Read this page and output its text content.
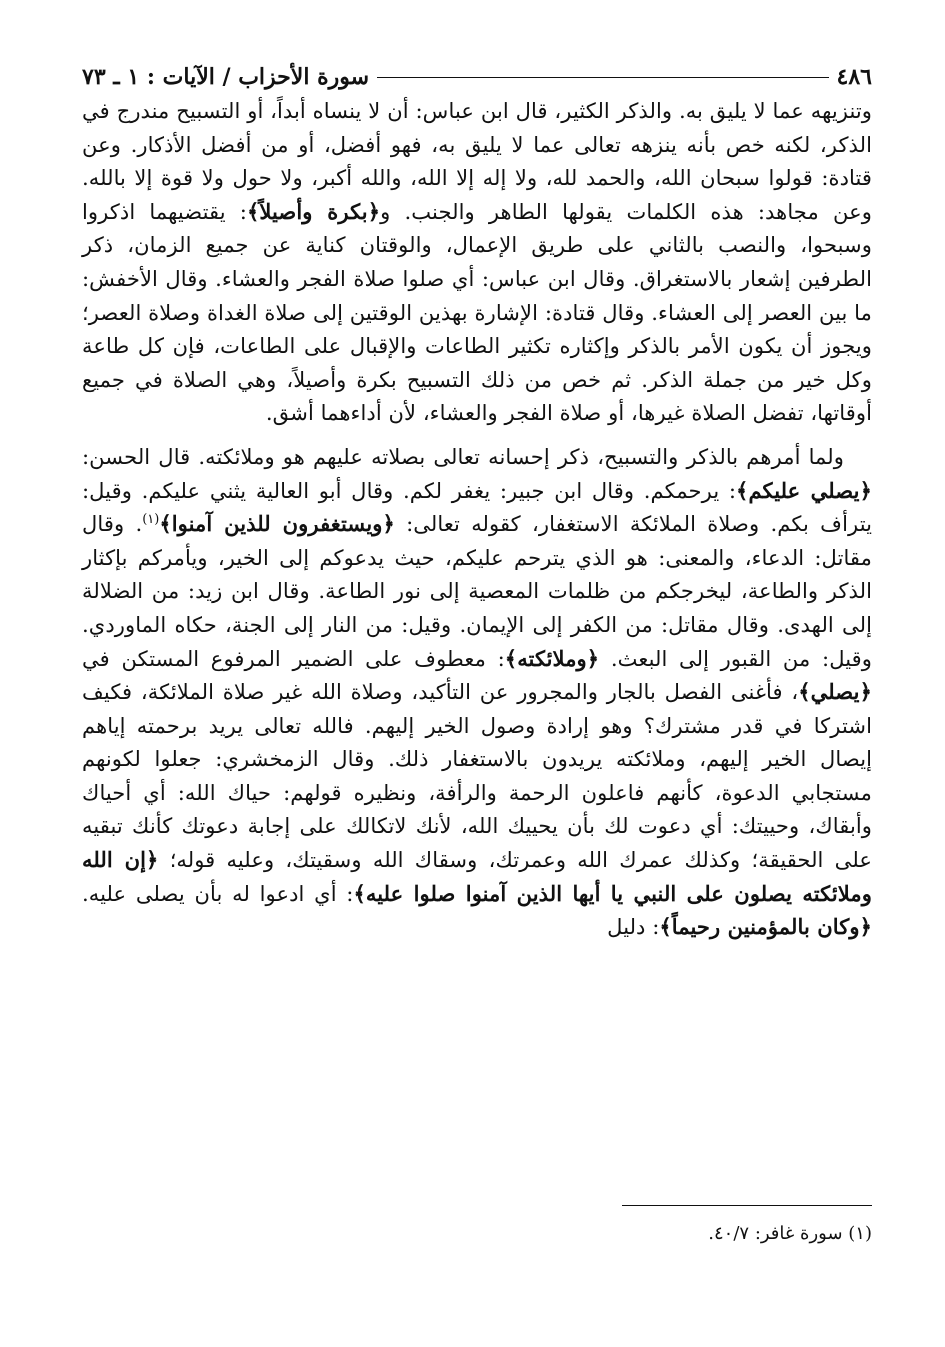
٤٨٦
سورة الأحزاب / الآيات : ١ ـ ٧٣

وتنزيهه عما لا يليق به. والذكر الكثير، قال ابن عباس: أن لا ينساه أبداً، أو التسبيح مندرج في الذكر، لكنه خص بأنه ينزهه تعالى عما لا يليق به، فهو أفضل، أو من أفضل الأذكار. وعن قتادة: قولوا سبحان الله، والحمد لله، ولا إله إلا الله، والله أكبر، ولا حول ولا قوة إلا بالله. وعن مجاهد: هذه الكلمات يقولها الطاهر والجنب. و﴿بكرة وأصيلاً﴾: يقتضيهما اذكروا وسبحوا، والنصب بالثاني على طريق الإعمال، والوقتان كناية عن جميع الزمان، ذكر الطرفين إشعار بالاستغراق. وقال ابن عباس: أي صلوا صلاة الفجر والعشاء. وقال الأخفش: ما بين العصر إلى العشاء. وقال قتادة: الإشارة بهذين الوقتين إلى صلاة الغداة وصلاة العصر؛ ويجوز أن يكون الأمر بالذكر وإكثاره تكثير الطاعات والإقبال على الطاعات، فإن كل طاعة وكل خير من جملة الذكر. ثم خص من ذلك التسبيح بكرة وأصيلاً، وهي الصلاة في جميع أوقاتها، تفضل الصلاة غيرها، أو صلاة الفجر والعشاء، لأن أداءهما أشق.

ولما أمرهم بالذكر والتسبيح، ذكر إحسانه تعالى بصلاته عليهم هو وملائكته. قال الحسن: ﴿يصلي عليكم﴾: يرحمكم. وقال ابن جبير: يغفر لكم. وقال أبو العالية يثني عليكم. وقيل: يترأف بكم. وصلاة الملائكة الاستغفار، كقوله تعالى: ﴿ويستغفرون للذين آمنوا﴾$^{(١)}$. وقال مقاتل: الدعاء، والمعنى: هو الذي يترحم عليكم، حيث يدعوكم إلى الخير، ويأمركم بإكثار الذكر والطاعة، ليخرجكم من ظلمات المعصية إلى نور الطاعة. وقال ابن زيد: من الضلالة إلى الهدى. وقال مقاتل: من الكفر إلى الإيمان. وقيل: من النار إلى الجنة، حكاه الماوردي. وقيل: من القبور إلى البعث. ﴿وملائكته﴾: معطوف على الضمير المرفوع المستكن في ﴿يصلي﴾، فأغنى الفصل بالجار والمجرور عن التأكيد، وصلاة الله غير صلاة الملائكة، فكيف اشتركا في قدر مشترك؟ وهو إرادة وصول الخير إليهم. فالله تعالى يريد برحمته إياهم إيصال الخير إليهم، وملائكته يريدون بالاستغفار ذلك. وقال الزمخشري: جعلوا لكونهم مستجابي الدعوة، كأنهم فاعلون الرحمة والرأفة، ونظيره قولهم: حياك الله: أي أحياك وأبقاك، وحييتك: أي دعوت لك بأن يحييك الله، لأنك لاتكالك على إجابة دعوتك كأنك تبقيه على الحقيقة؛ وكذلك عمرك الله وعمرتك، وسقاك الله وسقيتك، وعليه قوله؛ ﴿إن الله وملائكته يصلون على النبي يا أيها الذين آمنوا صلوا عليه﴾: أي ادعوا له بأن يصلى عليه. ﴿وكان بالمؤمنين رحيماً﴾: دليل

(١) سورة غافر: ٤٠/٧.
